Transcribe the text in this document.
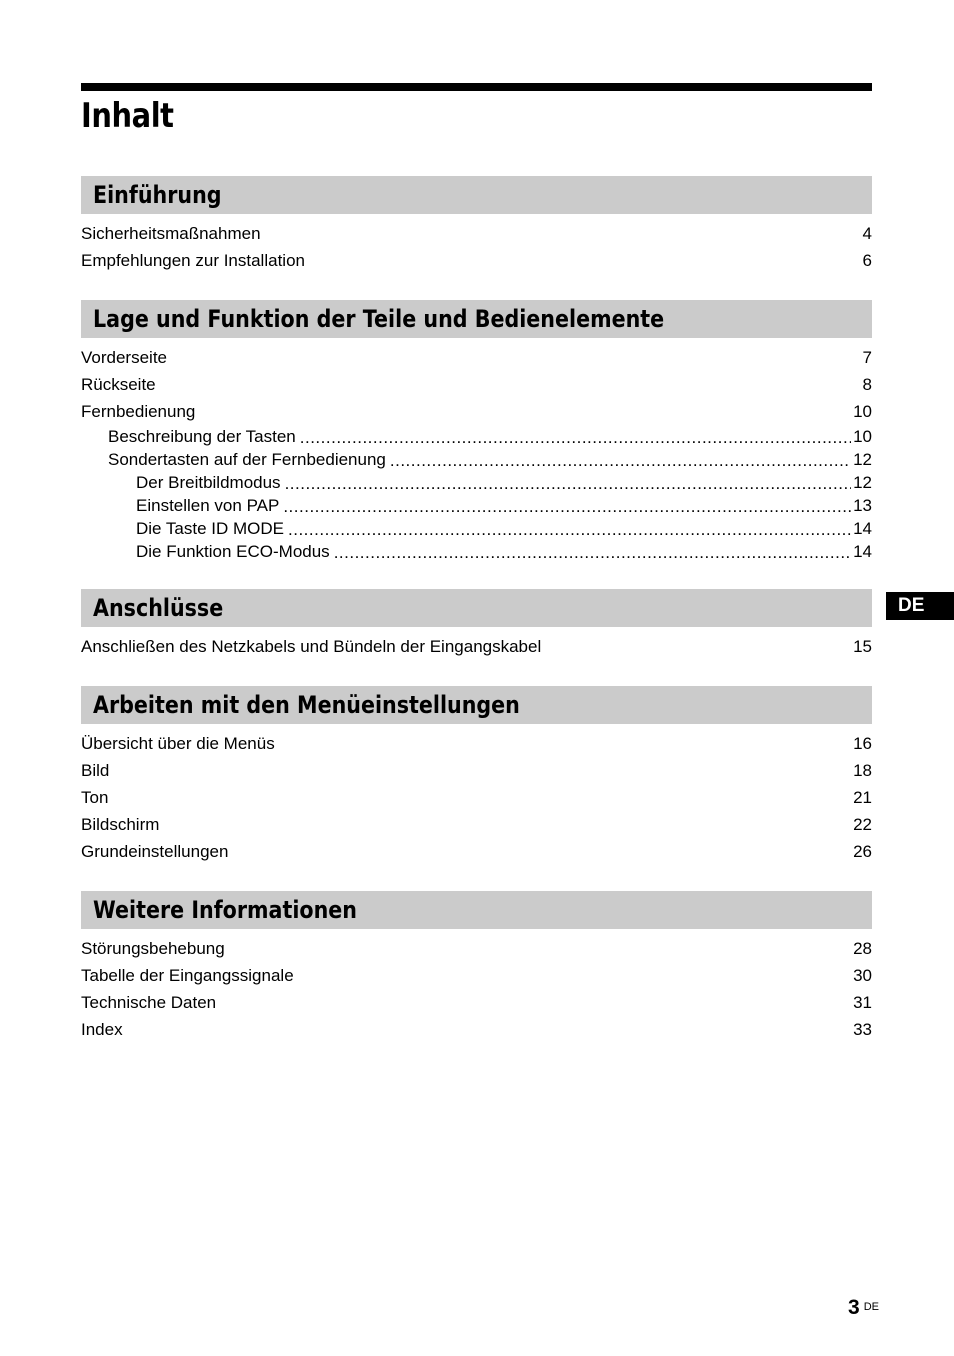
Inhalt
Einführung
Sicherheitsmaßnahmen .....	4
Empfehlungen zur Installation .....	6
Lage und Funktion der Teile und Bedienelemente
Vorderseite .....	7
Rückseite .....	8
Fernbedienung .....	10
Beschreibung der Tasten .....	10
Sondertasten auf der Fernbedienung .....	12
Der Breitbildmodus .....	12
Einstellen von PAP .....	13
Die Taste ID MODE .....	14
Die Funktion ECO-Modus .....	14
Anschlüsse
Anschließen des Netzkabels und Bündeln der Eingangskabel .....	15
Arbeiten mit den Menüeinstellungen
Übersicht über die Menüs .....	16
Bild .....	18
Ton .....	21
Bildschirm .....	22
Grundeinstellungen .....	26
Weitere Informationen
Störungsbehebung .....	28
Tabelle der Eingangssignale .....	30
Technische Daten .....	31
Index .....	33
DE
3 $^{DE}$
